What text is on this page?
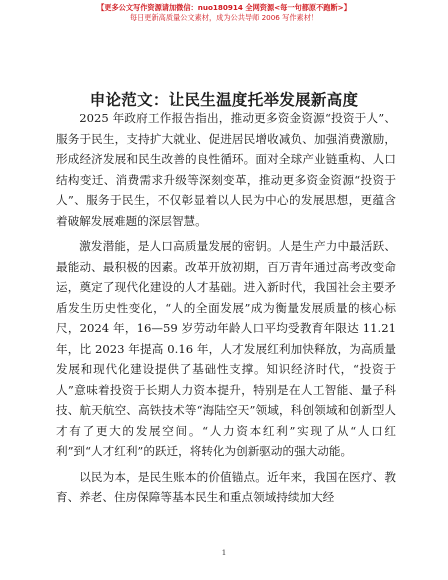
【更多公文写作资源请加微信：nuo180914 全网资源<每一句都原不跑断>】
每日更新高质量公文素材，成为公共导师 2006 写作素材！
申论范文：让民生温度托举发展新高度

2025 年政府工作报告指出，推动更多资金资源“投资于人”、服务于民生，支持扩大就业、促进居民增收减负、加强消费激励，形成经济发展和民生改善的良性循环。面对全球产业链重构、人口结构变迁、消费需求升级等深刻变革，推动更多资金资源“投资于人”、服务于民生，不仅彰显着以人民为中心的发展思想，更蕴含着破解发展难题的深层智慧。

激发潜能，是人口高质量发展的密钥。人是生产力中最活跃、最能动、最积极的因素。改革开放初期，百万青年通过高考改变命运，奠定了现代化建设的人才基础。进入新时代，我国社会主要矛盾发生历史性变化，“人的全面发展”成为衡量发展质量的核心标尺，2024 年，16—59 岁劳动年龄人口平均受教育年限达 11.21 年，比 2023 年提高 0.16 年，人才发展红利加快释放，为高质量发展和现代化建设提供了基础性支撑。知识经济时代，“投资于人”意味着投资于长期人力资本提升，特别是在人工智能、量子科技、航天航空、高铁技术等“海陆空天”领域，科创领域和创新型人才有了更大的发展空间。“人力资本红利”实现了从“人口红利”到“人才红利”的跃迁，将转化为创新驱动的强大动能。

以民为本，是民生账本的价值锚点。近年来，我国在医疗、教育、养老、住房保障等基本民生和重点领域持续加大经

1
